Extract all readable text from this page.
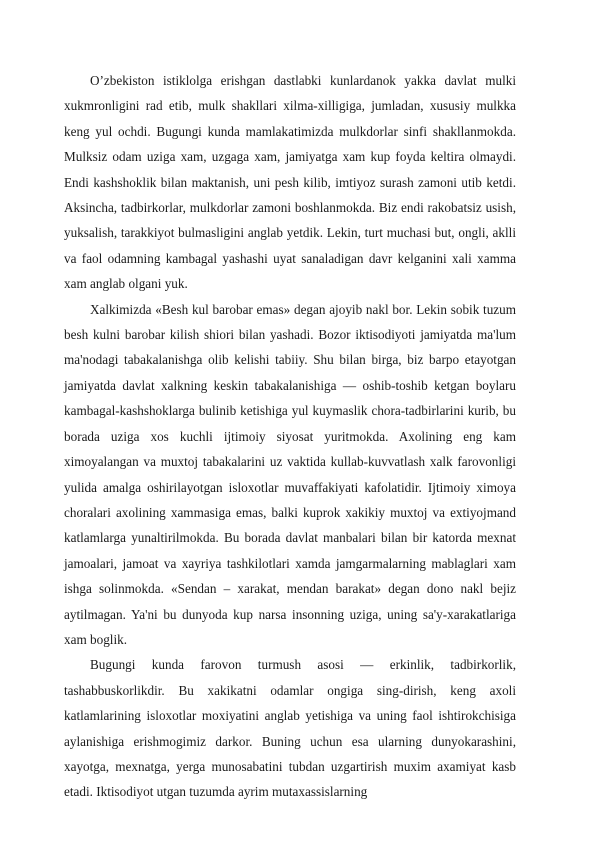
O’zbekiston istiklolga erishgan dastlabki kunlardanok yakka davlat mulki xukmronligini rad etib, mulk shakllari xilma-xilligiga, jumladan, xususiy mulkka keng yul ochdi. Bugungi kunda mamlakatimizda mulkdorlar sinfi shakllanmokda. Mulksiz odam uziga xam, uzgaga xam, jamiyatga xam kup foyda keltira olmaydi. Endi kashshoklik bilan maktanish, uni pesh kilib, imtiyoz surash zamoni utib ketdi. Aksincha, tadbirkorlar, mulkdorlar zamoni boshlanmokda. Biz endi rakobatsiz usish, yuksalish, tarakkiyot bulmasligini anglab yetdik. Lekin, turt muchasi but, ongli, aklli va faol odamning kambagal yashashi uyat sanaladigan davr kelganini xali xamma xam anglab olgani yuk.

Xalkimizda «Besh kul barobar emas» degan ajoyib nakl bor. Lekin sobik tuzum besh kulni barobar kilish shiori bilan yashadi. Bozor iktisodiyoti jamiyatda ma'lum ma'nodagi tabakalanishga olib kelishi tabiiy. Shu bilan birga, biz barpo etayotgan jamiyatda davlat xalkning keskin tabakalanishiga — oshib-toshib ketgan boylaru kambagal-kashshoklarga bulinib ketishiga yul kuymaslik chora-tadbirlarini kurib, bu borada uziga xos kuchli ijtimoiy siyosat yuritmokda. Axolining eng kam ximoyalangan va muxtoj tabakalarini uz vaktida kullab-kuvvatlash xalk farovonligi yulida amalga oshirilayotgan isloxotlar muvaffakiyati kafolatidir. Ijtimoiy ximoya choralari axolining xammasiga emas, balki kuprok xakikiy muxtoj va extiyojmand katlamlarga yunaltirilmokda. Bu borada davlat manbalari bilan bir katorda mexnat jamoalari, jamoat va xayriya tashkilotlari xamda jamgarmalarning mablaglari xam ishga solinmokda. «Sendan – xarakat, mendan barakat» degan dono nakl bejiz aytilmagan. Ya'ni bu dunyoda kup narsa insonning uziga, uning sa'y-xarakatlariga xam boglik.

Bugungi kunda farovon turmush asosi — erkinlik, tadbirkorlik, tashabbuskorlikdir. Bu xakikatni odamlar ongiga sing-dirish, keng axoli katlamlarining isloxotlar moxiyatini anglab yetishiga va uning faol ishtirokchisiga aylanishiga erishmogimiz darkor. Buning uchun esa ularning dunyokarashini, xayotga, mexnatga, yerga munosabatini tubdan uzgartirish muxim axamiyat kasb etadi. Iktisodiyot utgan tuzumda ayrim mutaxassislarning
